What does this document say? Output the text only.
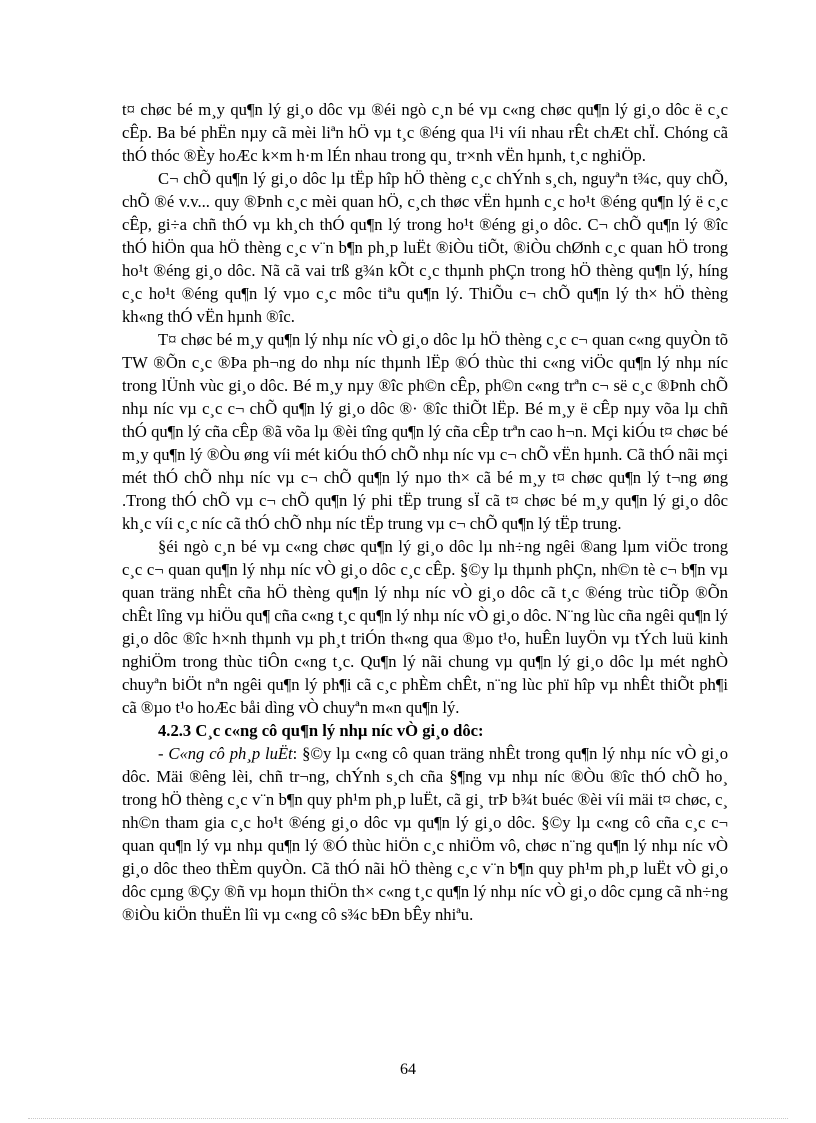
t¤ chøc bé m¸y qu¶n lý gi¸o dôc vµ ®éi ngò c¸n bé vµ c«ng chøc qu¶n lý gi¸o dôc ë c¸c cÊp. Ba bé phËn nµy cã mèi liªn hÖ vµ t¸c ®éng qua l¹i víi nhau rÊt chÆt chÏ. Chóng cã thÓ thóc ®Èy hoÆc k×m h·m lÉn nhau trong qu¸ tr×nh vËn hµnh, t¸c nghiÖp.

C¬ chÕ qu¶n lý gi¸o dôc lµ tËp hîp hÖ thèng c¸c chÝnh s¸ch, nguyªn t¾c, quy chÕ, chÕ ®é v.v... quy ®Þnh c¸c mèi quan hÖ, c¸ch thøc vËn hµnh c¸c ho¹t ®éng qu¶n lý ë c¸c cÊp, gi÷a chñ thÓ vµ kh¸ch thÓ qu¶n lý trong ho¹t ®éng gi¸o dôc. C¬ chÕ qu¶n lý ®îc thÓ hiÖn qua hÖ thèng c¸c v¨n b¶n ph¸p luËt ®iÒu tiÕt, ®iÒu chØnh c¸c quan hÖ trong ho¹t ®éng gi¸o dôc. Nã cã vai trß g¾n kÕt c¸c thµnh phÇn trong hÖ thèng qu¶n lý, híng c¸c ho¹t ®éng qu¶n lý vµo c¸c môc tiªu qu¶n lý. ThiÕu c¬ chÕ qu¶n lý th× hÖ thèng kh«ng thÓ vËn hµnh ®îc.

T¤ chøc bé m¸y qu¶n lý nhµ níc vÒ gi¸o dôc lµ hÖ thèng c¸c c¬ quan c«ng quyÒn tõ TW ®Õn c¸c ®Þa ph¬ng do nhµ níc thµnh lËp ®Ó thùc thi c«ng viÖc qu¶n lý nhµ níc trong lÜnh vùc gi¸o dôc. Bé m¸y nµy ®îc ph©n cÊp, ph©n c«ng trªn c¬ së c¸c ®Þnh chÕ nhµ níc vµ c¸c c¬ chÕ qu¶n lý gi¸o dôc ®· ®îc thiÕt lËp. Bé m¸y ë cÊp nµy võa lµ chñ thÓ qu¶n lý cña cÊp ®ã võa lµ ®èi tîng qu¶n lý cña cÊp trªn cao h¬n. Mçi kiÓu t¤ chøc bé m¸y qu¶n lý ®Òu øng víi mét kiÓu thÓ chÕ nhµ níc vµ c¬ chÕ vËn hµnh. Cã thÓ nãi mçi mét thÓ chÕ nhµ níc vµ c¬ chÕ qu¶n lý nµo th× cã bé m¸y t¤ chøc qu¶n lý t¬ng øng .Trong thÓ chÕ vµ c¬ chÕ qu¶n lý phi tËp trung sÏ cã t¤ chøc bé m¸y qu¶n lý gi¸o dôc kh¸c víi c¸c níc cã thÓ chÕ nhµ níc tËp trung vµ c¬ chÕ qu¶n lý tËp trung.

§éi ngò c¸n bé vµ c«ng chøc qu¶n lý gi¸o dôc lµ nh÷ng ngêi ®ang lµm viÖc trong c¸c c¬ quan qu¶n lý nhµ níc vÒ gi¸o dôc c¸c cÊp. §©y lµ thµnh phÇn, nh©n tè c¬ b¶n vµ quan träng nhÊt cña hÖ thèng qu¶n lý nhµ níc vÒ gi¸o dôc cã t¸c ®éng trùc tiÕp ®Õn chÊt lîng vµ hiÖu qu¶ cña c«ng t¸c qu¶n lý nhµ níc vÒ gi¸o dôc. N¨ng lùc cña ngêi qu¶n lý gi¸o dôc ®îc h×nh thµnh vµ ph¸t triÓn th«ng qua ®µo t¹o, huÊn luyÖn vµ tÝch luü kinh nghiÖm trong thùc tiÔn c«ng t¸c. Qu¶n lý nãi chung vµ qu¶n lý gi¸o dôc lµ mét nghÒ chuyªn biÖt nªn ngêi qu¶n lý ph¶i cã c¸c phÈm chÊt, n¨ng lùc phï hîp vµ nhÊt thiÕt ph¶i cã ®µo t¹o hoÆc båi dìng vÒ chuyªn m«n qu¶n lý.

4.2.3 C¸c c«ng cô qu¶n lý nhµ níc vÒ gi¸o dôc:

- C«ng cô ph¸p luËt: §©y lµ c«ng cô quan träng nhÊt trong qu¶n lý nhµ níc vÒ gi¸o dôc. Mäi ®êng lèi, chñ tr¬ng, chÝnh s¸ch cña §¶ng vµ nhµ níc ®Òu ®îc thÓ chÕ ho¸ trong hÖ thèng c¸c v¨n b¶n quy ph¹m ph¸p luËt, cã gi¸ trÞ b¾t buéc ®èi víi mäi t¤ chøc, c¸ nh©n tham gia c¸c ho¹t ®éng gi¸o dôc vµ qu¶n lý gi¸o dôc. §©y lµ c«ng cô cña c¸c c¬ quan qu¶n lý vµ nhµ qu¶n lý ®Ó thùc hiÖn c¸c nhiÖm vô, chøc n¨ng qu¶n lý nhµ níc vÒ gi¸o dôc theo thÈm quyÒn. Cã thÓ nãi hÖ thèng c¸c v¨n b¶n quy ph¹m ph¸p luËt vÒ gi¸o dôc cµng ®Çy ®ñ vµ hoµn thiÖn th× c«ng t¸c qu¶n lý nhµ níc vÒ gi¸o dôc cµng cã nh÷ng ®iÒu kiÖn thuËn lîi vµ c«ng cô s¾c bÐn bÊy nhiªu.

64
